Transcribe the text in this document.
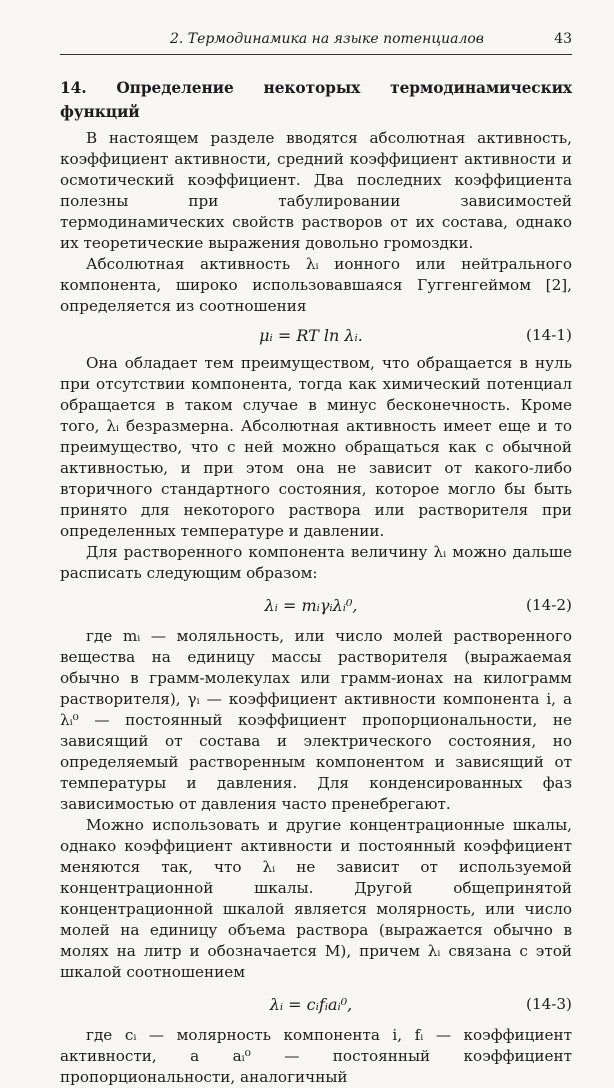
2. Термодинамика на языке потенциалов	43
14. Определение некоторых термодинамических функций

В настоящем разделе вводятся абсолютная активность, коэффициент активности, средний коэффициент активности и осмотический коэффициент. Два последних коэффициента полезны при табулировании зависимостей термодинамических свойств растворов от их состава, однако их теоретические выражения довольно громоздки.

Абсолютная активность λᵢ ионного или нейтрального компонента, широко использовавшаяся Гуггенгеймом [2], определяется из соотношения

μᵢ = RT ln λᵢ.	(14-1)

Она обладает тем преимуществом, что обращается в нуль при отсутствии компонента, тогда как химический потенциал обращается в таком случае в минус бесконечность. Кроме того, λᵢ безразмерна. Абсолютная активность имеет еще и то преимущество, что с ней можно обращаться как с обычной активностью, и при этом она не зависит от какого-либо вторичного стандартного состояния, которое могло бы быть принято для некоторого раствора или растворителя при определенных температуре и давлении.

Для растворенного компонента величину λᵢ можно дальше расписать следующим образом:

λᵢ = mᵢγᵢλᵢ⁰,	(14-2)

где mᵢ — моляльность, или число молей растворенного вещества на единицу массы растворителя (выражаемая обычно в грамм-молекулах или грамм-ионах на килограмм растворителя), γᵢ — коэффициент активности компонента i, а λᵢ⁰ — постоянный коэффициент пропорциональности, не зависящий от состава и электрического состояния, но определяемый растворенным компонентом и зависящий от температуры и давления. Для конденсированных фаз зависимостью от давления часто пренебрегают.

Можно использовать и другие концентрационные шкалы, однако коэффициент активности и постоянный коэффициент меняются так, что λᵢ не зависит от используемой концентрационной шкалы. Другой общепринятой концентрационной шкалой является молярность, или число молей на единицу объема раствора (выражается обычно в молях на литр и обозначается M), причем λᵢ связана с этой шкалой соотношением

λᵢ = cᵢfᵢaᵢ⁰,	(14-3)

где cᵢ — молярность компонента i, fᵢ — коэффициент активности, а aᵢ⁰ — постоянный коэффициент пропорциональности, аналогичный
